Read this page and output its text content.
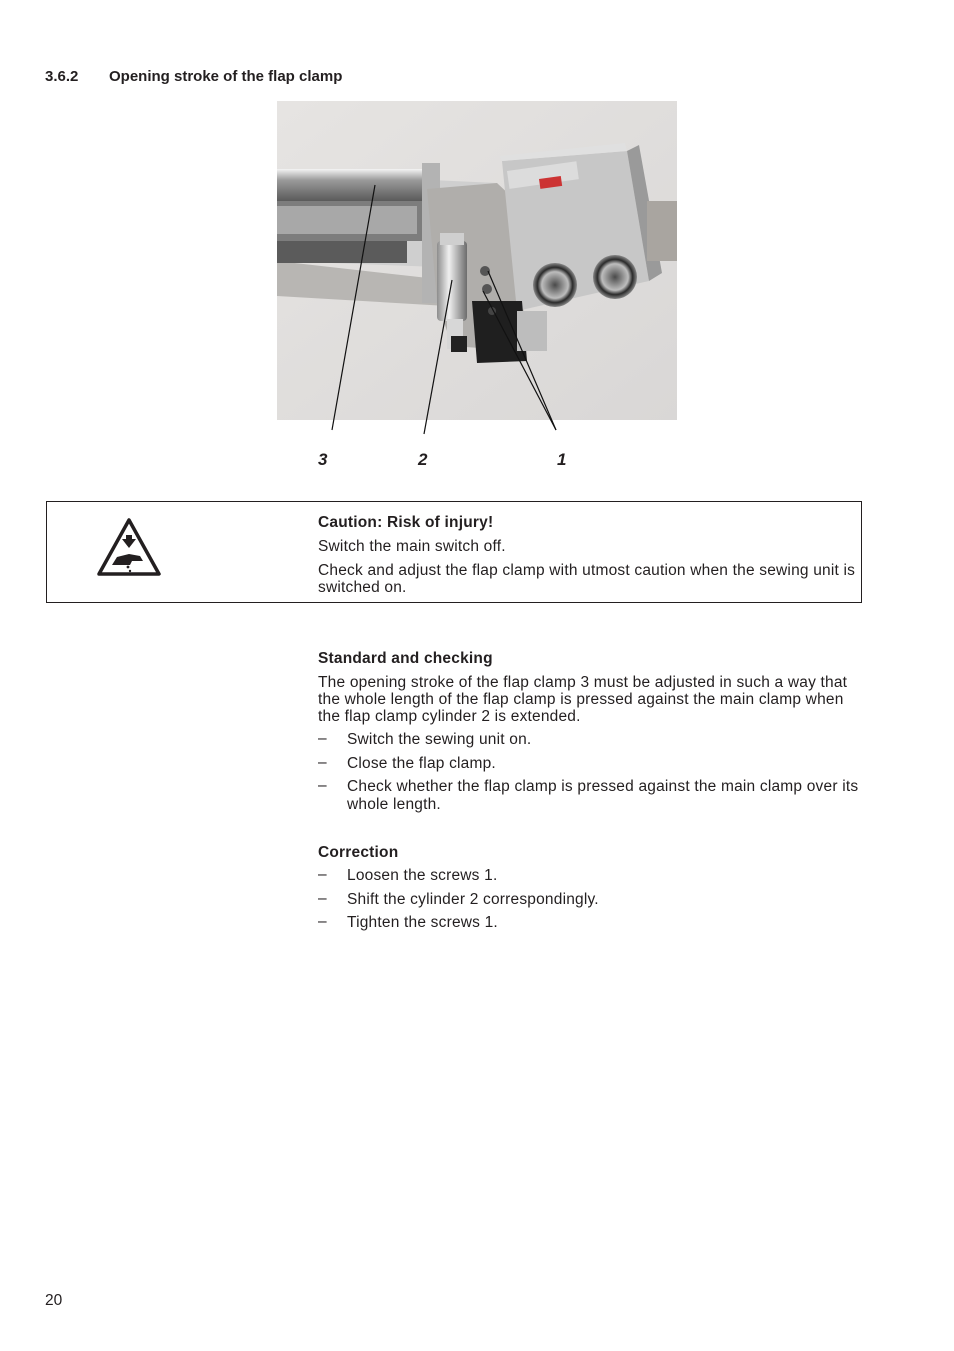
3.6.2 Opening stroke of the flap clamp
3	2	1
Caution: Risk of injury!
Switch the main switch off.
Check and adjust the flap clamp with utmost caution when the sewing unit is switched on.
Standard and checking
The opening stroke of the flap clamp 3 must be adjusted in such a way that the whole length of the flap clamp is pressed against the main clamp when the flap clamp cylinder 2 is extended.
– Switch the sewing unit on.
– Close the flap clamp.
– Check whether the flap clamp is pressed against the main clamp over its whole length.
Correction
– Loosen the screws 1.
– Shift the cylinder 2 correspondingly.
– Tighten the screws 1.
20
